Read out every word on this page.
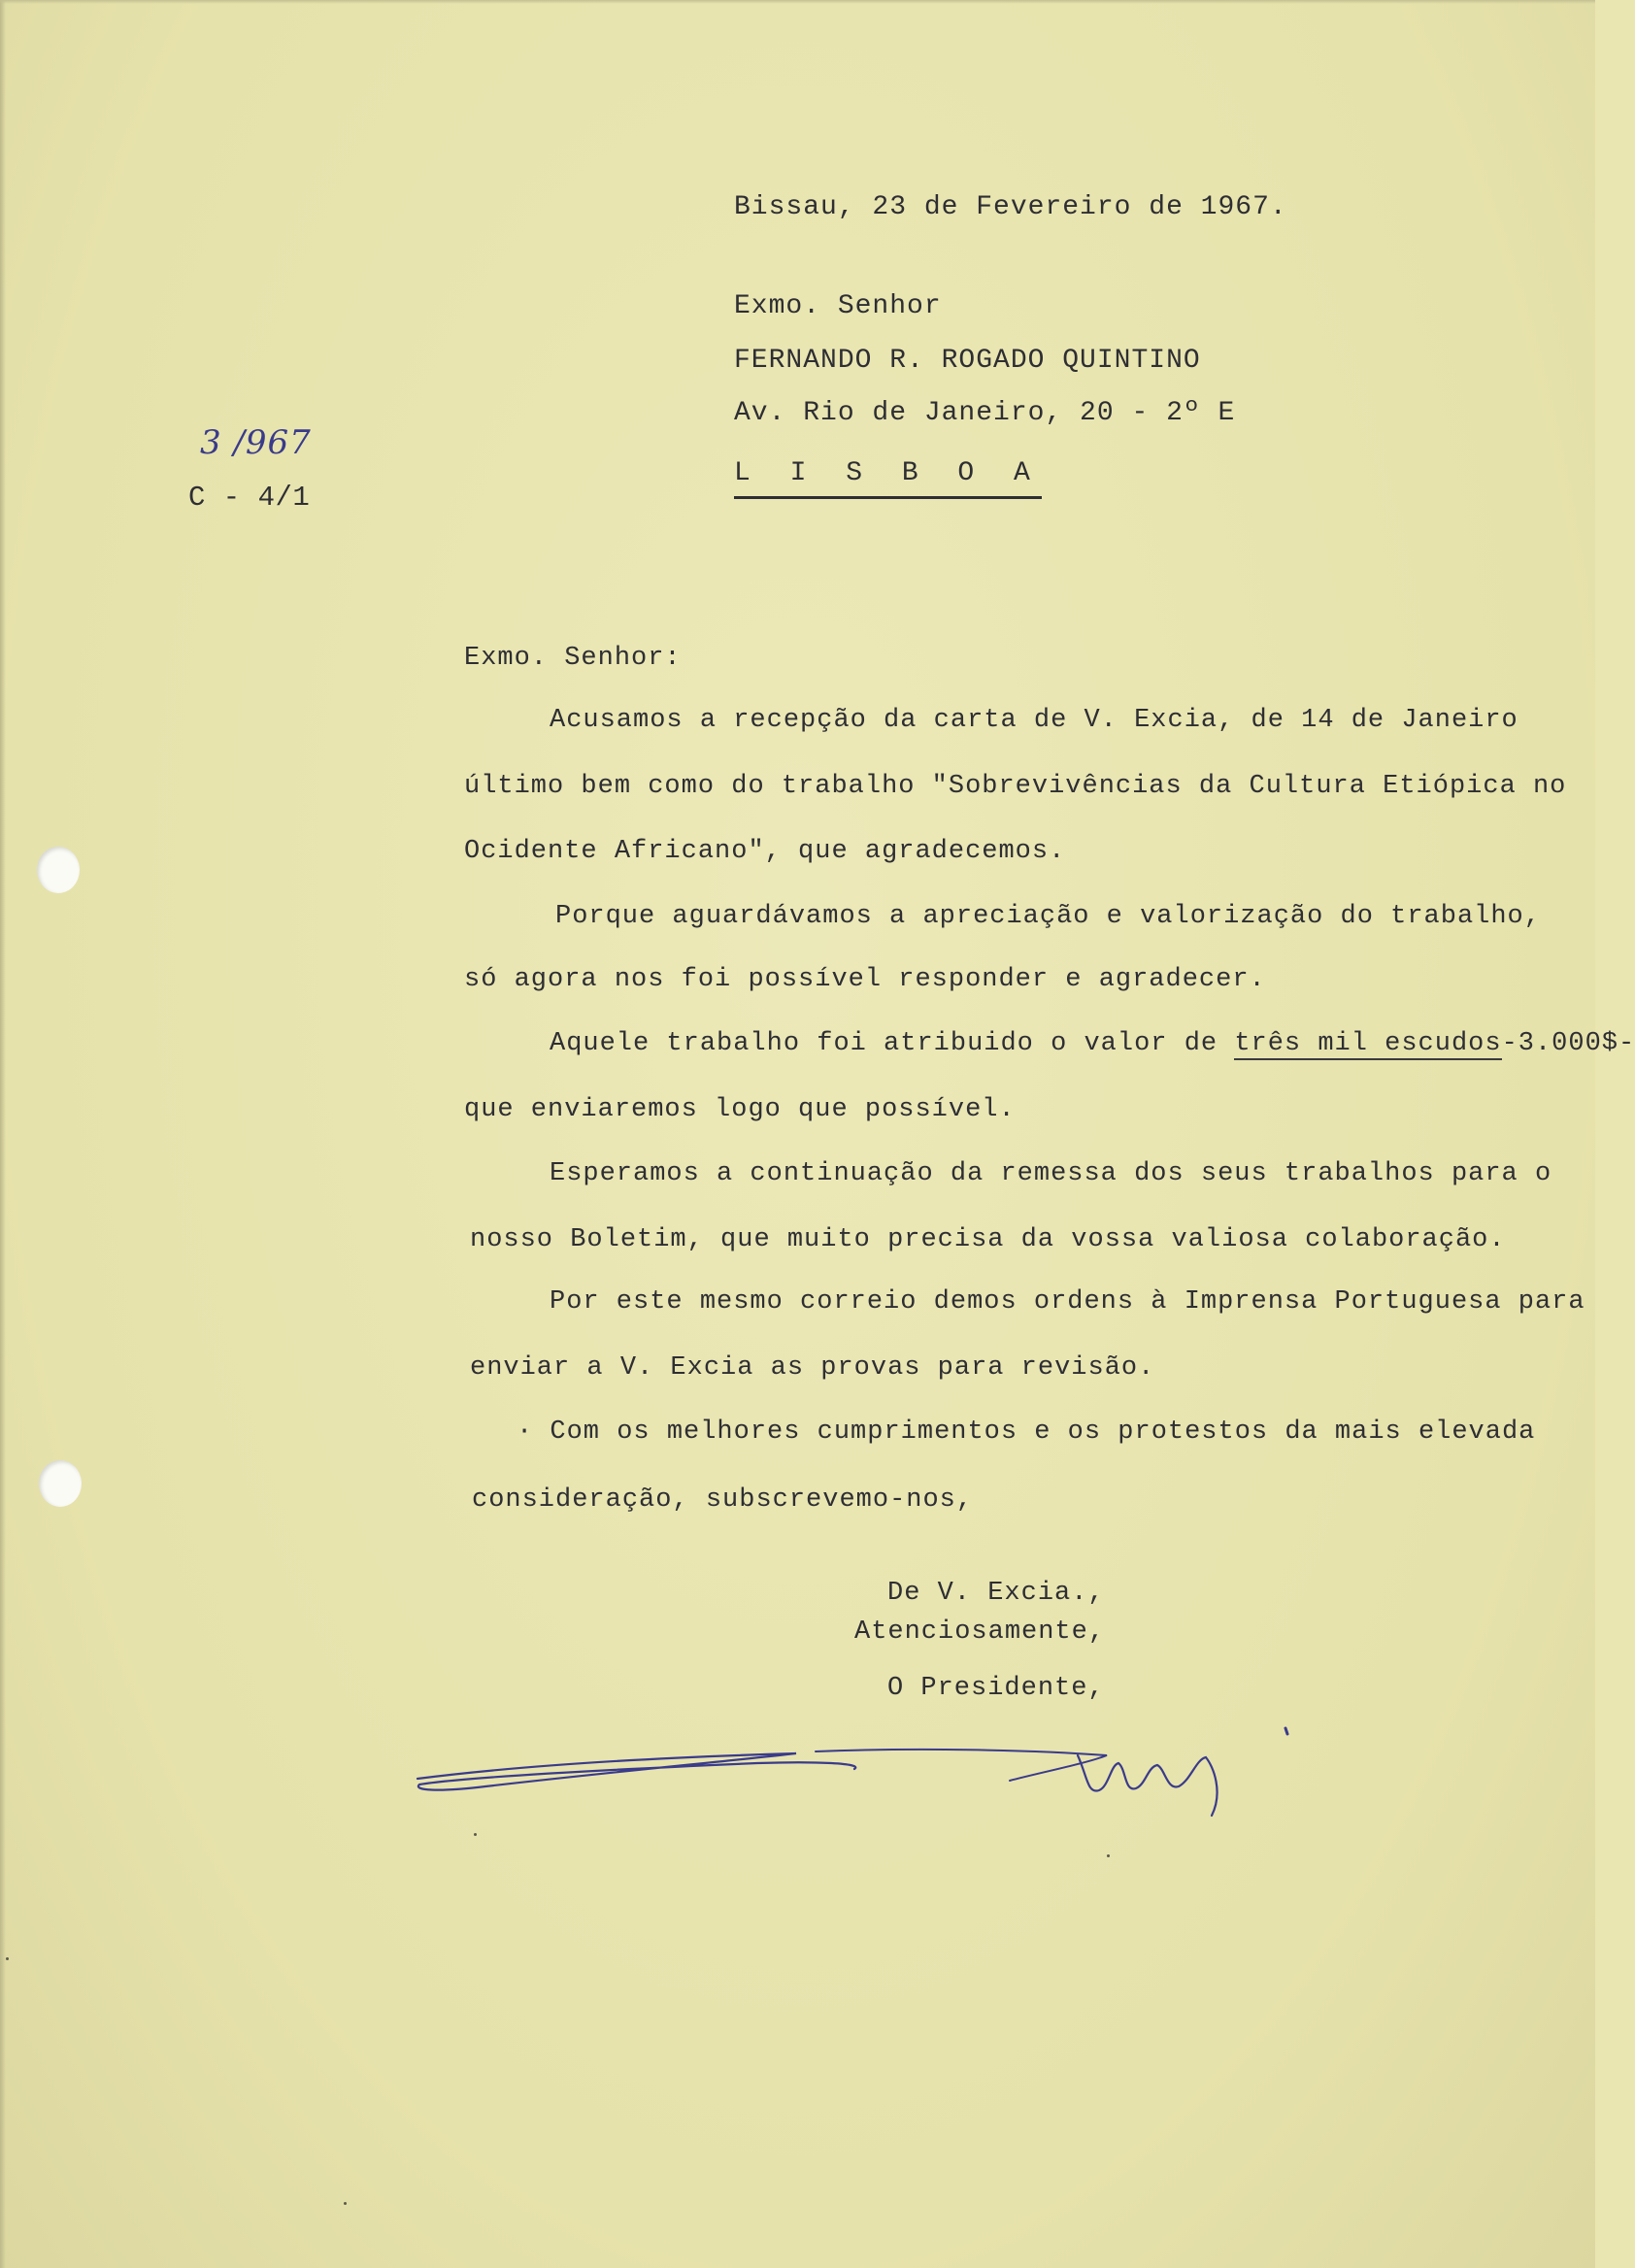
3 /967
C - 4/1
Bissau, 23 de Fevereiro de 1967.
Exmo. Senhor
FERNANDO R. ROGADO QUINTINO
Av. Rio de Janeiro, 20 - 2º E
L I S B O A
Exmo. Senhor:
Acusamos a recepção da carta de V. Excia, de 14 de Janeiro
último bem como do trabalho "Sobrevivências da Cultura Etiópica no
Ocidente Africano", que agradecemos.
Porque aguardávamos a apreciação e valorização do trabalho,
só agora nos foi possível responder e agradecer.
Aquele trabalho foi atribuido o valor de três mil escudos-3.000$-
que enviaremos logo que possível.
Esperamos a continuação da remessa dos seus trabalhos para o
nosso Boletim, que muito precisa da vossa valiosa colaboração.
Por este mesmo correio demos ordens à Imprensa Portuguesa para
enviar a V. Excia as provas para revisão.
· Com os melhores cumprimentos e os protestos da mais elevada
consideração, subscrevemo-nos,
De V. Excia.,
Atenciosamente,
O Presidente,
